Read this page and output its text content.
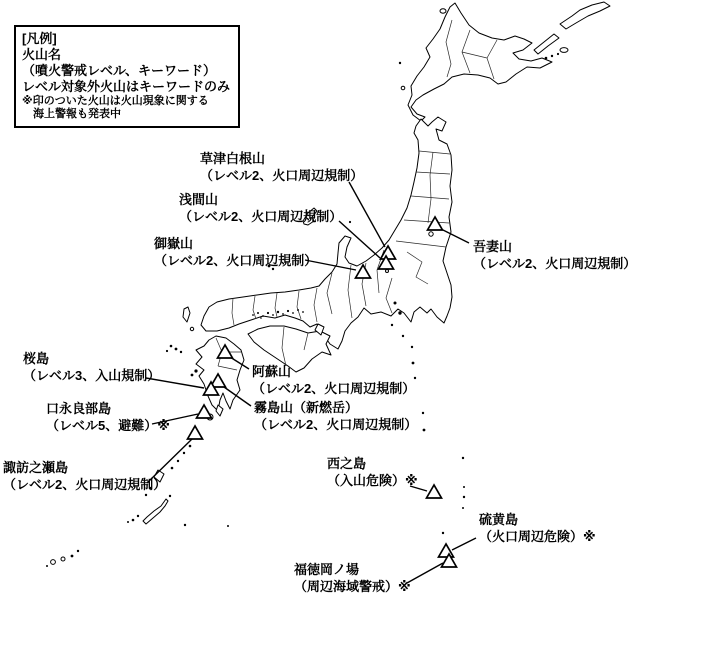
[凡例]
火山名
（噴火警戒レベル、キーワード）
レベル対象外火山はキーワードのみ
※印のついた火山は火山現象に関する
　海上警報も発表中
草津白根山
（レベル2、火口周辺規制）
浅間山
（レベル2、火口周辺規制）
御嶽山
（レベル2、火口周辺規制）
吾妻山
（レベル2、火口周辺規制）
阿蘇山
（レベル2、火口周辺規制）
霧島山（新燃岳）
（レベル2、火口周辺規制）
桜島
（レベル3、入山規制）
口永良部島
（レベル5、避難）※
諏訪之瀬島
（レベル2、火口周辺規制）
西之島
（入山危険）※
硫黄島
（火口周辺危険）※
福徳岡ノ場
（周辺海域警戒）※
